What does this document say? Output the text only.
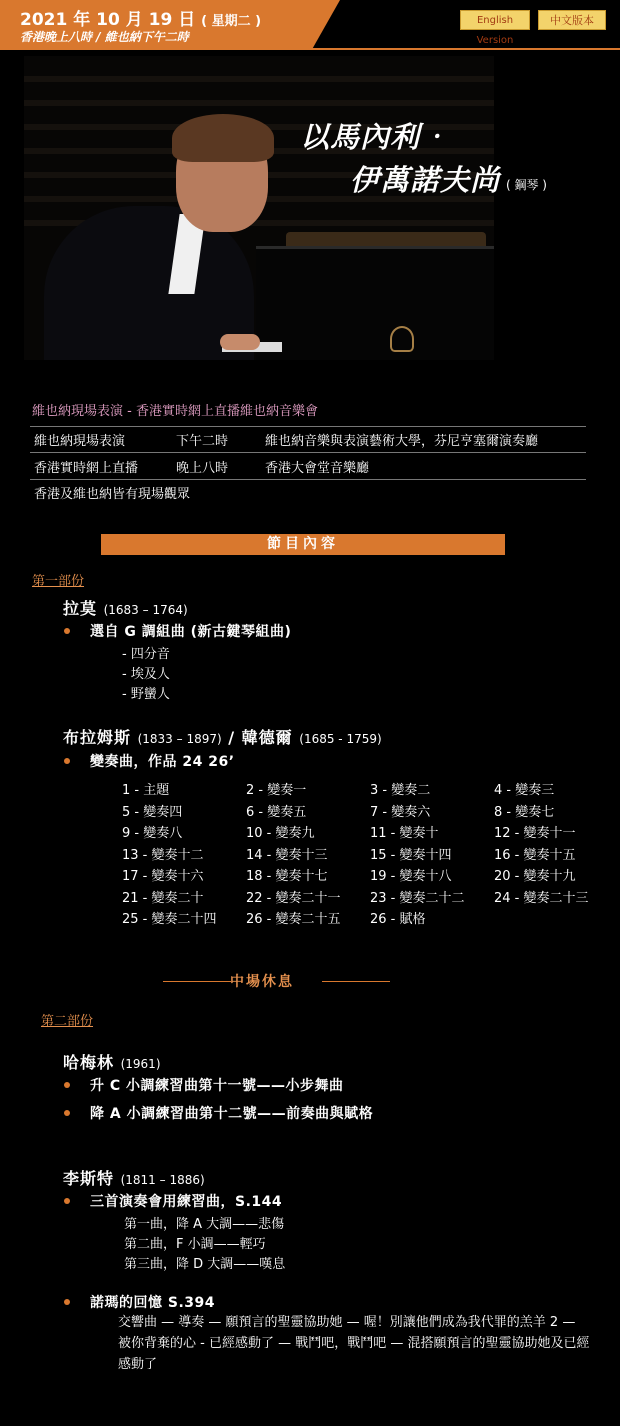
2021 年 10 月 19 日 ( 星期二 )
香港晚上八時 / 維也納下午二時
English Version
中文版本
以馬內利‧
伊萬諾夫尚 ( 鋼琴 )
維也納現場表演 - 香港實時網上直播維也納音樂會
維也納現場表演	下午二時	維也納音樂與表演藝術大學，芬尼亨塞爾演奏廳
香港實時網上直播	晚上八時	香港大會堂音樂廳
香港及維也納皆有現場觀眾
節目內容
第一部份
拉莫 (1683 – 1764)
選自 G 調組曲 (新古鍵琴組曲)
- 四分音
- 埃及人
- 野蠻人
布拉姆斯 (1833 – 1897) / 韓德爾 (1685 - 1759)
變奏曲，作品 24 26’
1 - 主題	2 - 變奏一	3 - 變奏二	4 - 變奏三
5 - 變奏四	6 - 變奏五	7 - 變奏六	8 - 變奏七
9 - 變奏八	10 - 變奏九	11 - 變奏十	12 - 變奏十一
13 - 變奏十二	14 - 變奏十三	15 - 變奏十四	16 - 變奏十五
17 - 變奏十六	18 - 變奏十七	19 - 變奏十八	20 - 變奏十九
21 - 變奏二十	22 - 變奏二十一 23 - 變奏二十二 24 - 變奏二十三
25 - 變奏二十四 26 - 變奏二十五 26 - 賦格
中場休息
第二部份
哈梅林 (1961)
升 C 小調練習曲第十一號——小步舞曲
降 A 小調練習曲第十二號——前奏曲與賦格
李斯特 (1811 – 1886)
三首演奏會用練習曲，S.144
第一曲，降 A 大調——悲傷
第二曲，F 小調——輕巧
第三曲，降 D 大調——嘆息
諾瑪的回憶 S.394
交響曲 — 導奏 — 願預言的聖靈協助她 — 喔！別讓他們成為我代罪的羔羊 2 — 被你背棄的心 - 已經感動了 — 戰鬥吧，戰鬥吧 — 混搭願預言的聖靈協助她及已經感動了
